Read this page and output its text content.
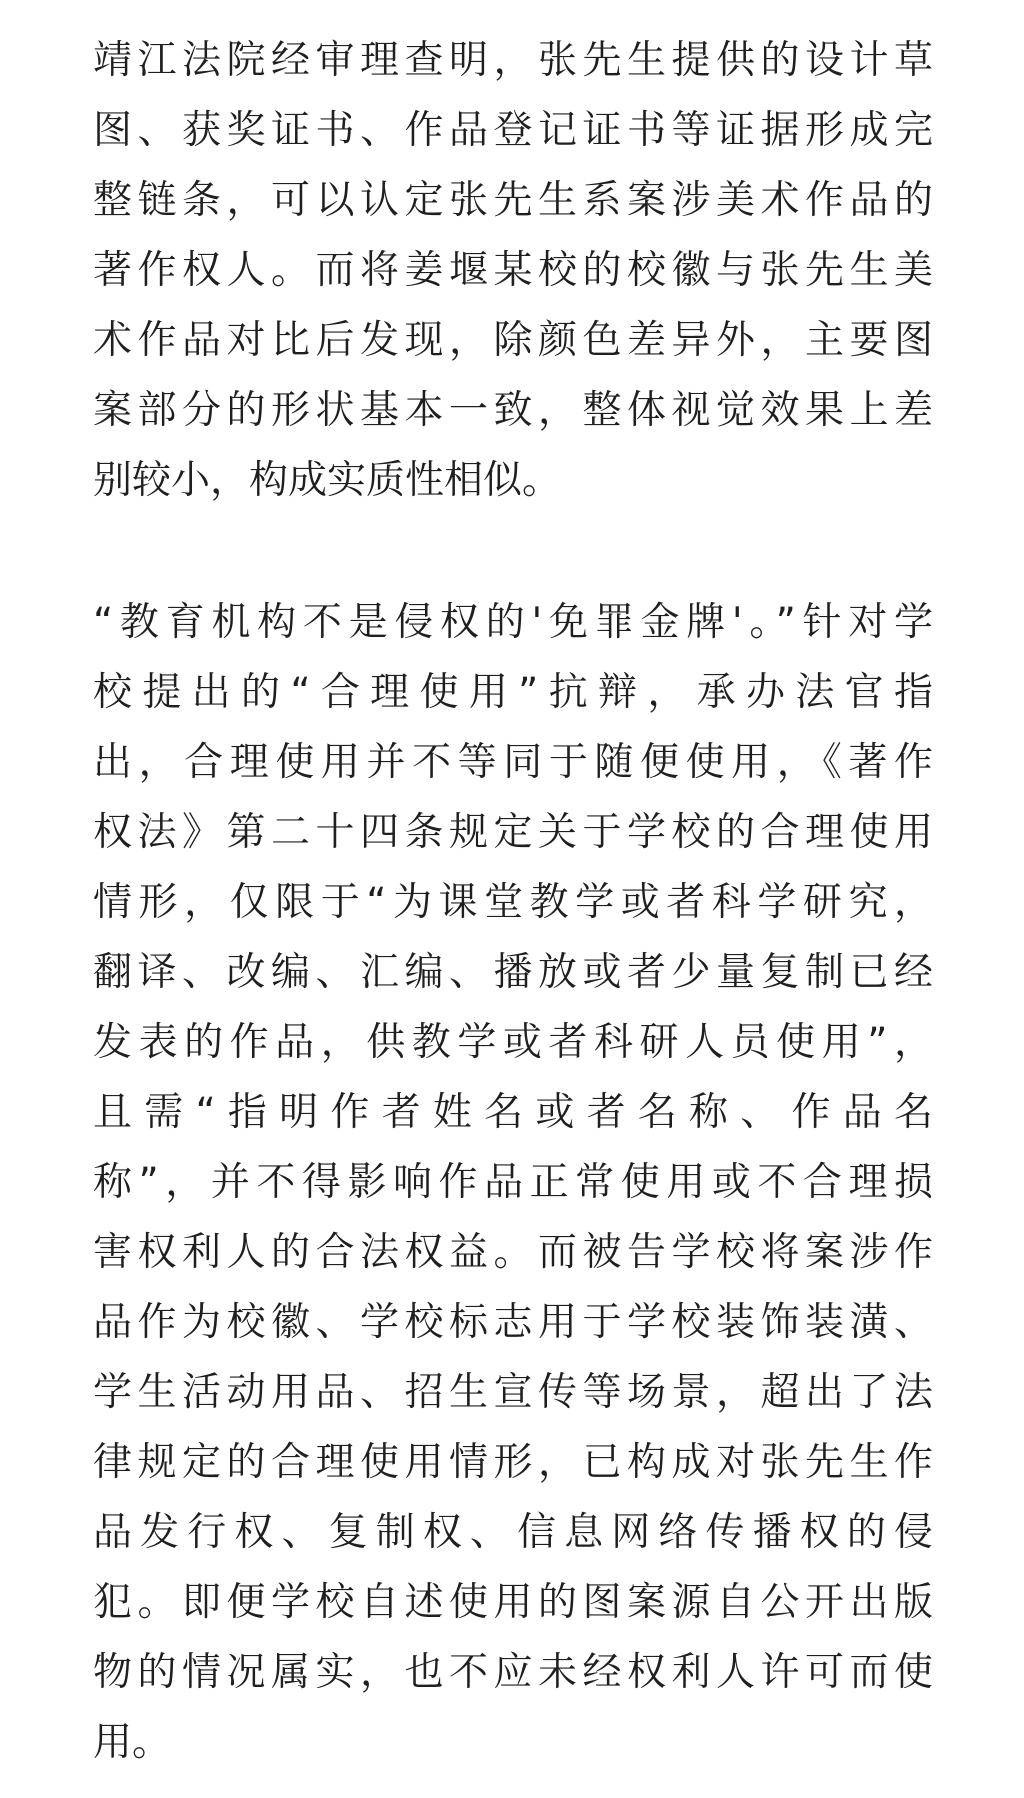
靖江法院经审理查明，张先生提供的设计草

图、获奖证书、作品登记证书等证据形成完

整链条，可以认定张先生系案涉美术作品的

著作权人。而将姜堰某校的校徽与张先生美

术作品对比后发现，除颜色差异外，主要图

案部分的形状基本一致，整体视觉效果上差

别较小，构成实质性相似。

“教育机构不是侵权的'免罪金牌'。”针对学

校提出的“合理使用”抗辩，承办法官指

出，合理使用并不等同于随便使用，《著作

权法》第二十四条规定关于学校的合理使用

情形，仅限于“为课堂教学或者科学研究，

翻译、改编、汇编、播放或者少量复制已经

发表的作品，供教学或者科研人员使用”，

且需“指明作者姓名或者名称、作品名

称”，并不得影响作品正常使用或不合理损

害权利人的合法权益。而被告学校将案涉作

品作为校徽、学校标志用于学校装饰装潢、

学生活动用品、招生宣传等场景，超出了法

律规定的合理使用情形，已构成对张先生作

品发行权、复制权、信息网络传播权的侵

犯。即便学校自述使用的图案源自公开出版

物的情况属实，也不应未经权利人许可而使

用。
